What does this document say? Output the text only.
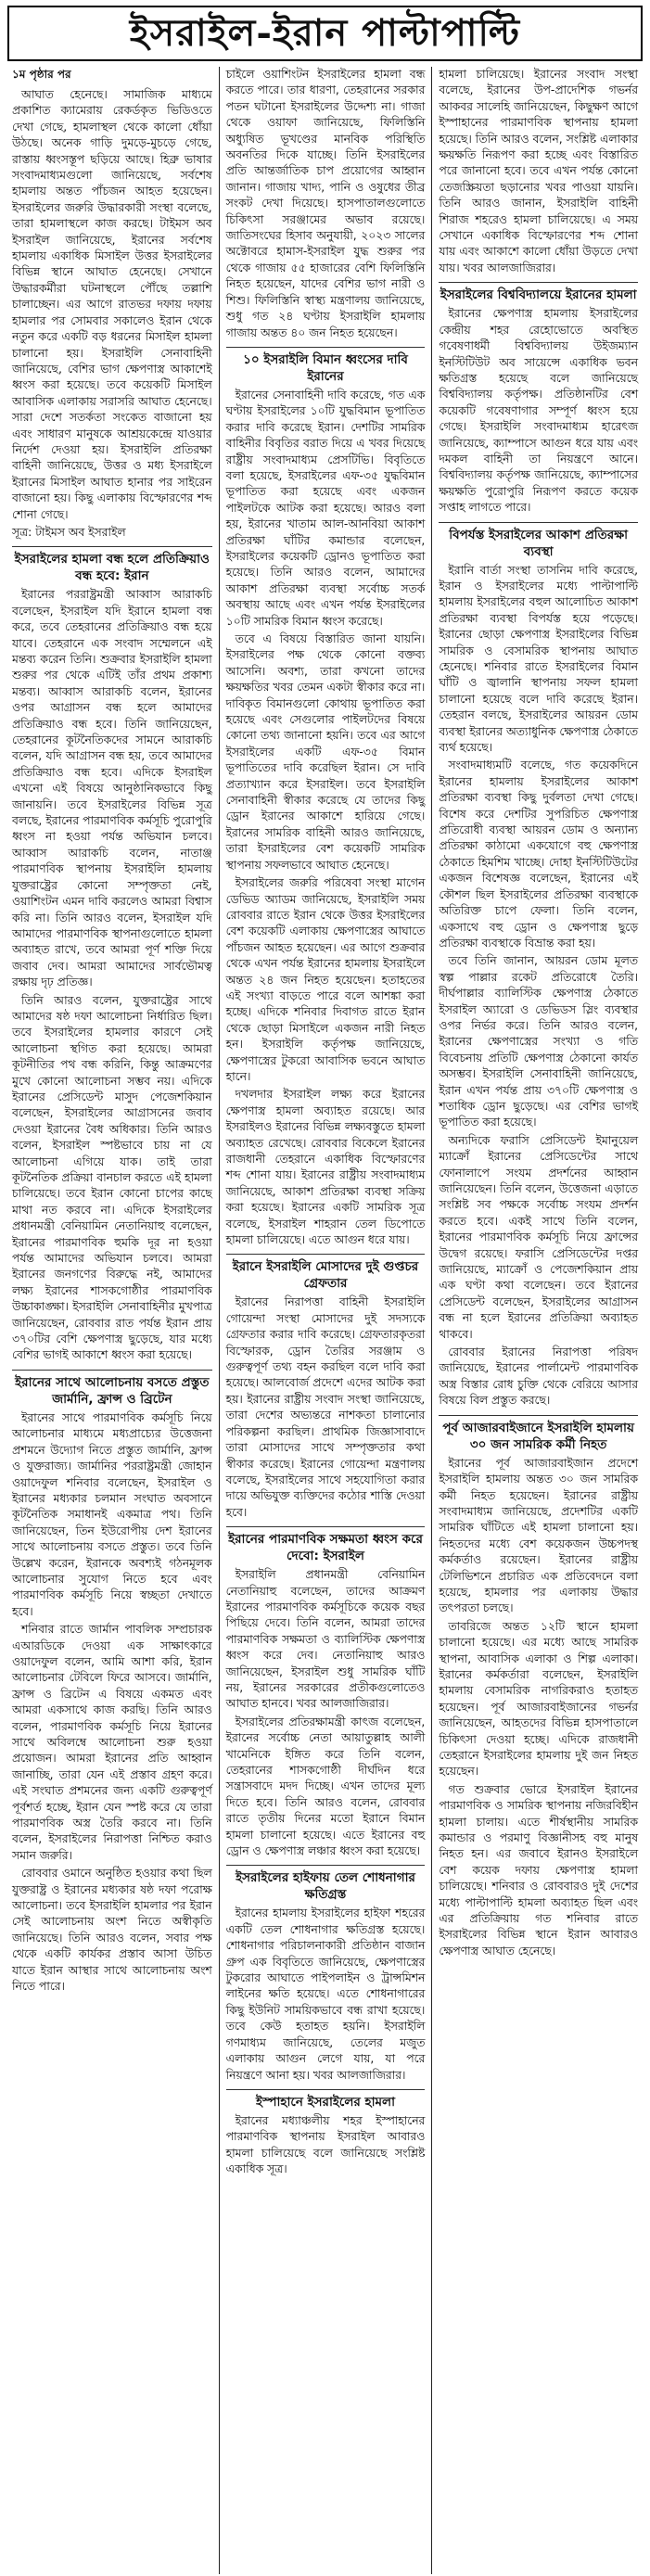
ইসরাইল-ইরান পাল্টাপাল্টি
১ম পৃষ্ঠার পর

আঘাত হেনেছে। সামাজিক মাধ্যমে প্রকাশিত ক্যামেরায় রেকর্ডকৃত ভিডিওতে দেখা গেছে, হামলাস্থল থেকে কালো ধোঁয়া উঠছে। অনেক গাড়ি দুমড়ে-মুচড়ে গেছে, রাস্তায় ধ্বংসস্তূপ ছড়িয়ে আছে। হিব্রু ভাষার সংবাদমাধ্যমগুলো জানিয়েছে, সর্বশেষ হামলায় অন্তত পাঁচজন আহত হয়েছেন। ইসরাইলের জরুরি উদ্ধারকারী সংস্থা বলেছে, তারা হামলাস্থলে কাজ করছে। টাইমস অব ইসরাইল জানিয়েছে, ইরানের সর্বশেষ হামলায় একাধিক মিসাইল উত্তর ইসরাইলের বিভিন্ন স্থানে আঘাত হেনেছে। সেখানে উদ্ধারকর্মীরা ঘটনাস্থলে পৌঁছে তল্লাশি চালাচ্ছেন। এর আগে রাতভর দফায় দফায় হামলার পর সোমবার সকালেও ইরান থেকে নতুন করে একটি বড় ধরনের মিসাইল হামলা চালানো হয়। ইসরাইলি সেনাবাহিনী জানিয়েছে, বেশির ভাগ ক্ষেপণাস্ত্র আকাশেই ধ্বংস করা হয়েছে। তবে কয়েকটি মিসাইল আবাসিক এলাকায় সরাসরি আঘাত হেনেছে। সারা দেশে সতর্কতা সংকেত বাজানো হয় এবং সাধারণ মানুষকে আশ্রয়কেন্দ্রে যাওয়ার নির্দেশ দেওয়া হয়। ইসরাইলি প্রতিরক্ষা বাহিনী জানিয়েছে, উত্তর ও মধ্য ইসরাইলে ইরানের মিসাইল আঘাত হানার পর সাইরেন বাজানো হয়। কিছু এলাকায় বিস্ফোরণের শব্দ শোনা গেছে।

সূত্র: টাইমস অব ইসরাইল
ইসরাইলের হামলা বন্ধ হলে প্রতিক্রিয়াও বন্ধ হবে: ইরান

ইরানের পররাষ্ট্রমন্ত্রী আব্বাস আরাকচি বলেছেন, ইসরাইল যদি ইরানে হামলা বন্ধ করে, তবে তেহরানের প্রতিক্রিয়াও বন্ধ হয়ে যাবে। তেহরানে এক সংবাদ সম্মেলনে এই মন্তব্য করেন তিনি। শুক্রবার ইসরাইলি হামলা শুরুর পর থেকে এটিই তাঁর প্রথম প্রকাশ্য মন্তব্য। আব্বাস আরাকচি বলেন, ইরানের ওপর আগ্রাসন বন্ধ হলে আমাদের প্রতিক্রিয়াও বন্ধ হবে। তিনি জানিয়েছেন, তেহরানের কূটনৈতিকদের সামনে আরাকচি বলেন, যদি আগ্রাসন বন্ধ হয়, তবে আমাদের প্রতিক্রিয়াও বন্ধ হবে। এদিকে ইসরাইল এখনো এই বিষয়ে আনুষ্ঠানিকভাবে কিছু জানায়নি। তবে ইসরাইলের বিভিন্ন সূত্র বলছে, ইরানের পারমাণবিক কর্মসূচি পুরোপুরি ধ্বংস না হওয়া পর্যন্ত অভিযান চলবে। আব্বাস আরাকচি বলেন, নাতাঞ্জ পারমাণবিক স্থাপনায় ইসরাইলি হামলায় যুক্তরাষ্ট্রের কোনো সম্পৃক্ততা নেই, ওয়াশিংটন এমন দাবি করলেও আমরা বিশ্বাস করি না। তিনি আরও বলেন, ইসরাইল যদি আমাদের পারমাণবিক স্থাপনাগুলোতে হামলা অব্যাহত রাখে, তবে আমরা পূর্ণ শক্তি দিয়ে জবাব দেব। আমরা আমাদের সার্বভৌমত্ব রক্ষায় দৃঢ় প্রতিজ্ঞ।

তিনি আরও বলেন, যুক্তরাষ্ট্রের সাথে আমাদের ষষ্ঠ দফা আলোচনা নির্ধারিত ছিল। তবে ইসরাইলের হামলার কারণে সেই আলোচনা স্থগিত করা হয়েছে। আমরা কূটনীতির পথ বন্ধ করিনি, কিন্তু আক্রমণের মুখে কোনো আলোচনা সম্ভব নয়। এদিকে ইরানের প্রেসিডেন্ট মাসুদ পেজেশকিয়ান বলেছেন, ইসরাইলের আগ্রাসনের জবাব দেওয়া ইরানের বৈধ অধিকার। তিনি আরও বলেন, ইসরাইল স্পষ্টভাবে চায় না যে আলোচনা এগিয়ে যাক। তাই তারা কূটনৈতিক প্রক্রিয়া বানচাল করতে এই হামলা চালিয়েছে। তবে ইরান কোনো চাপের কাছে মাথা নত করবে না। এদিকে ইসরাইলের প্রধানমন্ত্রী বেনিয়ামিন নেতানিয়াহু বলেছেন, ইরানের পারমাণবিক হুমকি দূর না হওয়া পর্যন্ত আমাদের অভিযান চলবে। আমরা ইরানের জনগণের বিরুদ্ধে নই, আমাদের লক্ষ্য ইরানের শাসকগোষ্ঠীর পারমাণবিক উচ্চাকাঙ্ক্ষা। ইসরাইলি সেনাবাহিনীর মুখপাত্র জানিয়েছেন, রোববার রাত পর্যন্ত ইরান প্রায় ৩৭০টির বেশি ক্ষেপণাস্ত্র ছুড়েছে, যার মধ্যে বেশির ভাগই আকাশে ধ্বংস করা হয়েছে।

ইরানের সাথে আলোচনায় বসতে প্রস্তুত জার্মানি, ফ্রান্স ও ব্রিটেন

ইরানের সাথে পারমাণবিক কর্মসূচি নিয়ে আলোচনার মাধ্যমে মধ্যপ্রাচ্যের উত্তেজনা প্রশমনে উদ্যোগ নিতে প্রস্তুত জার্মানি, ফ্রান্স ও যুক্তরাজ্য। জার্মানির পররাষ্ট্রমন্ত্রী জোহান ওয়াদেফুল শনিবার বলেছেন, ইসরাইল ও ইরানের মধ্যকার চলমান সংঘাত অবসানে কূটনৈতিক সমাধানই একমাত্র পথ। তিনি জানিয়েছেন, তিন ইউরোপীয় দেশ ইরানের সাথে আলোচনায় বসতে প্রস্তুত। তবে তিনি উল্লেখ করেন, ইরানকে অবশ্যই গঠনমূলক আলোচনার সুযোগ নিতে হবে এবং পারমাণবিক কর্মসূচি নিয়ে স্বচ্ছতা দেখাতে হবে।

শনিবার রাতে জার্মান পাবলিক সম্প্রচারক এআরডিকে দেওয়া এক সাক্ষাৎকারে ওয়াদেফুল বলেন, আমি আশা করি, ইরান আলোচনার টেবিলে ফিরে আসবে। জার্মানি, ফ্রান্স ও ব্রিটেন এ বিষয়ে একমত এবং আমরা একসাথে কাজ করছি। তিনি আরও বলেন, পারমাণবিক কর্মসূচি নিয়ে ইরানের সাথে অবিলম্বে আলোচনা শুরু হওয়া প্রয়োজন। আমরা ইরানের প্রতি আহ্বান জানাচ্ছি, তারা যেন এই প্রস্তাব গ্রহণ করে। এই সংঘাত প্রশমনের জন্য একটি গুরুত্বপূর্ণ পূর্বশর্ত হচ্ছে, ইরান যেন স্পষ্ট করে যে তারা পারমাণবিক অস্ত্র তৈরি করবে না। তিনি বলেন, ইসরাইলের নিরাপত্তা নিশ্চিত করাও সমান জরুরি।

রোববার ওমানে অনুষ্ঠিত হওয়ার কথা ছিল যুক্তরাষ্ট্র ও ইরানের মধ্যকার ষষ্ঠ দফা পরোক্ষ আলোচনা। তবে ইসরাইলি হামলার পর ইরান সেই আলোচনায় অংশ নিতে অস্বীকৃতি জানিয়েছে। তিনি আরও বলেন, সবার পক্ষ থেকে একটি কার্যকর প্রস্তাব আসা উচিত যাতে ইরান আস্থার সাথে আলোচনায় অংশ নিতে পারে।

চাইলে ওয়াশিংটন ইসরাইলের হামলা বন্ধ করতে পারে। তার ধারণা, তেহরানের সরকার পতন ঘটানো ইসরাইলের উদ্দেশ্য না। গাজা থেকে ওয়াফা জানিয়েছে, ফিলিস্তিনি অধ্যুষিত ভূখণ্ডের মানবিক পরিস্থিতি অবনতির দিকে যাচ্ছে। তিনি ইসরাইলের প্রতি আন্তর্জাতিক চাপ প্রয়োগের আহ্বান জানান। গাজায় খাদ্য, পানি ও ওষুধের তীব্র সংকট দেখা দিয়েছে। হাসপাতালগুলোতে চিকিৎসা সরঞ্জামের অভাব রয়েছে। জাতিসংঘের হিসাব অনুযায়ী, ২০২৩ সালের অক্টোবরে হামাস-ইসরাইল যুদ্ধ শুরুর পর থেকে গাজায় ৫৫ হাজারের বেশি ফিলিস্তিনি নিহত হয়েছেন, যাদের বেশির ভাগ নারী ও শিশু। ফিলিস্তিনি স্বাস্থ্য মন্ত্রণালয় জানিয়েছে, শুধু গত ২৪ ঘণ্টায় ইসরাইলি হামলায় গাজায় অন্তত ৪০ জন নিহত হয়েছেন।

১০ ইসরাইলি বিমান ধ্বংসের দাবি ইরানের

ইরানের সেনাবাহিনী দাবি করেছে, গত এক ঘণ্টায় ইসরাইলের ১০টি যুদ্ধবিমান ভূপাতিত করার দাবি করেছে ইরান। দেশটির সামরিক বাহিনীর বিবৃতির বরাত দিয়ে এ খবর দিয়েছে রাষ্ট্রীয় সংবাদমাধ্যম প্রেসটিভি। বিবৃতিতে বলা হয়েছে, ইসরাইলের এফ-৩৫ যুদ্ধবিমান ভূপাতিত করা হয়েছে এবং একজন পাইলটকে আটক করা হয়েছে। আরও বলা হয়, ইরানের খাতাম আল-আনবিয়া আকাশ প্রতিরক্ষা ঘাঁটির কমান্ডার বলেছেন, ইসরাইলের কয়েকটি ড্রোনও ভূপাতিত করা হয়েছে। তিনি আরও বলেন, আমাদের আকাশ প্রতিরক্ষা ব্যবস্থা সর্বোচ্চ সতর্ক অবস্থায় আছে এবং এখন পর্যন্ত ইসরাইলের ১০টি সামরিক বিমান ধ্বংস করেছে।

তবে এ বিষয়ে বিস্তারিত জানা যায়নি। ইসরাইলের পক্ষ থেকে কোনো বক্তব্য আসেনি। অবশ্য, তারা কখনো তাদের ক্ষয়ক্ষতির খবর তেমন একটা স্বীকার করে না। দাবিকৃত বিমানগুলো কোথায় ভূপাতিত করা হয়েছে এবং সেগুলোর পাইলটদের বিষয়ে কোনো তথ্য জানানো হয়নি। তবে এর আগে ইসরাইলের একটি এফ-৩৫ বিমান ভূপাতিতের দাবি করেছিল ইরান। সে দাবি প্রত্যাখ্যান করে ইসরাইল। তবে ইসরাইলি সেনাবাহিনী স্বীকার করেছে যে তাদের কিছু ড্রোন ইরানের আকাশে হারিয়ে গেছে। ইরানের সামরিক বাহিনী আরও জানিয়েছে, তারা ইসরাইলের বেশ কয়েকটি সামরিক স্থাপনায় সফলভাবে আঘাত হেনেছে।

ইসরাইলের জরুরি পরিষেবা সংস্থা মাগেন ডেভিড অ্যাডম জানিয়েছে, ইসরাইলি সময় রোববার রাতে ইরান থেকে উত্তর ইসরাইলের বেশ কয়েকটি এলাকায় ক্ষেপণাস্ত্রের আঘাতে পাঁচজন আহত হয়েছেন। এর আগে শুক্রবার থেকে এখন পর্যন্ত ইরানের হামলায় ইসরাইলে অন্তত ২৪ জন নিহত হয়েছেন। হতাহতের এই সংখ্যা বাড়তে পারে বলে আশঙ্কা করা হচ্ছে। এদিকে শনিবার দিবাগত রাতে ইরান থেকে ছোড়া মিসাইলে একজন নারী নিহত হন। ইসরাইলি কর্তৃপক্ষ জানিয়েছে, ক্ষেপণাস্ত্রের টুকরো আবাসিক ভবনে আঘাত হানে।

দখলদার ইসরাইল লক্ষ্য করে ইরানের ক্ষেপণাস্ত্র হামলা অব্যাহত রয়েছে। আর ইসরাইলও ইরানের বিভিন্ন লক্ষ্যবস্তুতে হামলা অব্যাহত রেখেছে। রোববার বিকেলে ইরানের রাজধানী তেহরানে একাধিক বিস্ফোরণের শব্দ শোনা যায়। ইরানের রাষ্ট্রীয় সংবাদমাধ্যম জানিয়েছে, আকাশ প্রতিরক্ষা ব্যবস্থা সক্রিয় করা হয়েছে। ইরানের একটি সামরিক সূত্র বলেছে, ইসরাইল শাহরান তেল ডিপোতে হামলা চালিয়েছে। এতে আগুন ধরে যায়।

ইরানে ইসরাইলি মোসাদের দুই গুপ্তচর গ্রেফতার

ইরানের নিরাপত্তা বাহিনী ইসরাইলি গোয়েন্দা সংস্থা মোসাদের দুই সদস্যকে গ্রেফতার করার দাবি করেছে। গ্রেফতারকৃতরা বিস্ফোরক, ড্রোন তৈরির সরঞ্জাম ও গুরুত্বপূর্ণ তথ্য বহন করছিল বলে দাবি করা হয়েছে। আলবোর্জ প্রদেশে এদের আটক করা হয়। ইরানের রাষ্ট্রীয় সংবাদ সংস্থা জানিয়েছে, তারা দেশের অভ্যন্তরে নাশকতা চালানোর পরিকল্পনা করছিল। প্রাথমিক জিজ্ঞাসাবাদে তারা মোসাদের সাথে সম্পৃক্ততার কথা স্বীকার করেছে। ইরানের গোয়েন্দা মন্ত্রণালয় বলেছে, ইসরাইলের সাথে সহযোগিতা করার দায়ে অভিযুক্ত ব্যক্তিদের কঠোর শাস্তি দেওয়া হবে।

ইরানের পারমাণবিক সক্ষমতা ধ্বংস করে দেবো: ইসরাইল

ইসরাইলি প্রধানমন্ত্রী বেনিয়ামিন নেতানিয়াহু বলেছেন, তাদের আক্রমণ ইরানের পারমাণবিক কর্মসূচিকে কয়েক বছর পিছিয়ে দেবে। তিনি বলেন, আমরা তাদের পারমাণবিক সক্ষমতা ও ব্যালিস্টিক ক্ষেপণাস্ত্র ধ্বংস করে দেব। নেতানিয়াহু আরও জানিয়েছেন, ইসরাইল শুধু সামরিক ঘাঁটি নয়, ইরানের সরকারের প্রতীকগুলোতেও আঘাত হানবে। খবর আলজাজিরার।

ইসরাইলের প্রতিরক্ষামন্ত্রী কাৎজ বলেছেন, ইরানের সর্বোচ্চ নেতা আয়াতুল্লাহ আলী খামেনিকে ইঙ্গিত করে তিনি বলেন, তেহরানের শাসকগোষ্ঠী দীর্ঘদিন ধরে সন্ত্রাসবাদে মদদ দিচ্ছে। এখন তাদের মূল্য দিতে হবে। তিনি আরও বলেন, রোববার রাতে তৃতীয় দিনের মতো ইরানে বিমান হামলা চালানো হয়েছে। এতে ইরানের বহু ড্রোন ও ক্ষেপণাস্ত্র লঞ্চার ধ্বংস করা হয়েছে।

ইসরাইলের হাইফায় তেল শোধনাগার ক্ষতিগ্রস্ত

ইরানের হামলায় ইসরাইলের হাইফা শহরের একটি তেল শোধনাগার ক্ষতিগ্রস্ত হয়েছে। শোধনাগার পরিচালনাকারী প্রতিষ্ঠান বাজান গ্রুপ এক বিবৃতিতে জানিয়েছে, ক্ষেপণাস্ত্রের টুকরোর আঘাতে পাইপলাইন ও ট্রান্সমিশন লাইনের ক্ষতি হয়েছে। এতে শোধনাগারের কিছু ইউনিট সাময়িকভাবে বন্ধ রাখা হয়েছে। তবে কেউ হতাহত হয়নি। ইসরাইলি গণমাধ্যম জানিয়েছে, তেলের মজুত এলাকায় আগুন লেগে যায়, যা পরে নিয়ন্ত্রণে আনা হয়। খবর আলজাজিরার।

ইস্পাহানে ইসরাইলের হামলা

ইরানের মধ্যাঞ্চলীয় শহর ইস্পাহানের পারমাণবিক স্থাপনায় ইসরাইল আবারও হামলা চালিয়েছে বলে জানিয়েছে সংশ্লিষ্ট একাধিক সূত্র।

হামলা চালিয়েছে। ইরানের সংবাদ সংস্থা বলেছে, ইরানের উপ-প্রাদেশিক গভর্নর আকবর সালেহি জানিয়েছেন, কিছুক্ষণ আগে ইস্পাহানের পারমাণবিক স্থাপনায় হামলা হয়েছে। তিনি আরও বলেন, সংশ্লিষ্ট এলাকার ক্ষয়ক্ষতি নিরূপণ করা হচ্ছে এবং বিস্তারিত পরে জানানো হবে। তবে এখন পর্যন্ত কোনো তেজস্ক্রিয়তা ছড়ানোর খবর পাওয়া যায়নি। তিনি আরও জানান, ইসরাইলি বাহিনী শিরাজ শহরেও হামলা চালিয়েছে। এ সময় সেখানে একাধিক বিস্ফোরণের শব্দ শোনা যায় এবং আকাশে কালো ধোঁয়া উড়তে দেখা যায়। খবর আলজাজিরার।

ইসরাইলের বিশ্ববিদ্যালয়ে ইরানের হামলা

ইরানের ক্ষেপণাস্ত্র হামলায় ইসরাইলের কেন্দ্রীয় শহর রেহোভোতে অবস্থিত গবেষণাধর্মী বিশ্ববিদ্যালয় উইজম্যান ইনস্টিটিউট অব সায়েন্সে একাধিক ভবন ক্ষতিগ্রস্ত হয়েছে বলে জানিয়েছে বিশ্ববিদ্যালয় কর্তৃপক্ষ। প্রতিষ্ঠানটির বেশ কয়েকটি গবেষণাগার সম্পূর্ণ ধ্বংস হয়ে গেছে। ইসরাইলি সংবাদমাধ্যম হারেৎজ জানিয়েছে, ক্যাম্পাসে আগুন ধরে যায় এবং দমকল বাহিনী তা নিয়ন্ত্রণে আনে। বিশ্ববিদ্যালয় কর্তৃপক্ষ জানিয়েছে, ক্যাম্পাসের ক্ষয়ক্ষতি পুরোপুরি নিরূপণ করতে কয়েক সপ্তাহ লাগতে পারে।

বিপর্যস্ত ইসরাইলের আকাশ প্রতিরক্ষা ব্যবস্থা

ইরানি বার্তা সংস্থা তাসনিম দাবি করেছে, ইরান ও ইসরাইলের মধ্যে পাল্টাপাল্টি হামলায় ইসরাইলের বহুল আলোচিত আকাশ প্রতিরক্ষা ব্যবস্থা বিপর্যস্ত হয়ে পড়েছে। ইরানের ছোড়া ক্ষেপণাস্ত্র ইসরাইলের বিভিন্ন সামরিক ও বেসামরিক স্থাপনায় আঘাত হেনেছে। শনিবার রাতে ইসরাইলের বিমান ঘাঁটি ও জ্বালানি স্থাপনায় সফল হামলা চালানো হয়েছে বলে দাবি করেছে ইরান। তেহরান বলছে, ইসরাইলের আয়রন ডোম ব্যবস্থা ইরানের অত্যাধুনিক ক্ষেপণাস্ত্র ঠেকাতে ব্যর্থ হয়েছে।

সংবাদমাধ্যমটি বলেছে, গত কয়েকদিনে ইরানের হামলায় ইসরাইলের আকাশ প্রতিরক্ষা ব্যবস্থা কিছু দুর্বলতা দেখা গেছে। বিশেষ করে দেশটির সুপরিচিত ক্ষেপণাস্ত্র প্রতিরোধী ব্যবস্থা আয়রন ডোম ও অন্যান্য প্রতিরক্ষা কাঠামো একযোগে বহু ক্ষেপণাস্ত্র ঠেকাতে হিমশিম খাচ্ছে। দোহা ইনস্টিটিউটের একজন বিশেষজ্ঞ বলেছেন, ইরানের এই কৌশল ছিল ইসরাইলের প্রতিরক্ষা ব্যবস্থাকে অতিরিক্ত চাপে ফেলা। তিনি বলেন, একসাথে বহু ড্রোন ও ক্ষেপণাস্ত্র ছুড়ে প্রতিরক্ষা ব্যবস্থাকে বিভ্রান্ত করা হয়।

তবে তিনি জানান, আয়রন ডোম মূলত স্বল্প পাল্লার রকেট প্রতিরোধে তৈরি। দীর্ঘপাল্লার ব্যালিস্টিক ক্ষেপণাস্ত্র ঠেকাতে ইসরাইল অ্যারো ও ডেভিডস স্লিং ব্যবস্থার ওপর নির্ভর করে। তিনি আরও বলেন, ইরানের ক্ষেপণাস্ত্রের সংখ্যা ও গতি বিবেচনায় প্রতিটি ক্ষেপণাস্ত্র ঠেকানো কার্যত অসম্ভব। ইসরাইলি সেনাবাহিনী জানিয়েছে, ইরান এখন পর্যন্ত প্রায় ৩৭০টি ক্ষেপণাস্ত্র ও শতাধিক ড্রোন ছুড়েছে। এর বেশির ভাগই ভূপাতিত করা হয়েছে।

অন্যদিকে ফরাসি প্রেসিডেন্ট ইমানুয়েল ম্যাক্রোঁ ইরানের প্রেসিডেন্টের সাথে ফোনালাপে সংযম প্রদর্শনের আহ্বান জানিয়েছেন। তিনি বলেন, উত্তেজনা এড়াতে সংশ্লিষ্ট সব পক্ষকে সর্বোচ্চ সংযম প্রদর্শন করতে হবে। একই সাথে তিনি বলেন, ইরানের পারমাণবিক কর্মসূচি নিয়ে ফ্রান্সের উদ্বেগ রয়েছে। ফরাসি প্রেসিডেন্টের দপ্তর জানিয়েছে, ম্যাক্রোঁ ও পেজেশকিয়ান প্রায় এক ঘণ্টা কথা বলেছেন। তবে ইরানের প্রেসিডেন্ট বলেছেন, ইসরাইলের আগ্রাসন বন্ধ না হলে ইরানের প্রতিক্রিয়া অব্যাহত থাকবে।

রোববার ইরানের নিরাপত্তা পরিষদ জানিয়েছে, ইরানের পার্লামেন্ট পারমাণবিক অস্ত্র বিস্তার রোধ চুক্তি থেকে বেরিয়ে আসার বিষয়ে বিল প্রস্তুত করছে।

পূর্ব আজারবাইজানে ইসরাইলি হামলায় ৩০ জন সামরিক কর্মী নিহত

ইরানের পূর্ব আজারবাইজান প্রদেশে ইসরাইলি হামলায় অন্তত ৩০ জন সামরিক কর্মী নিহত হয়েছেন। ইরানের রাষ্ট্রীয় সংবাদমাধ্যম জানিয়েছে, প্রদেশটির একটি সামরিক ঘাঁটিতে এই হামলা চালানো হয়। নিহতদের মধ্যে বেশ কয়েকজন উচ্চপদস্থ কর্মকর্তাও রয়েছেন। ইরানের রাষ্ট্রীয় টেলিভিশনে প্রচারিত এক প্রতিবেদনে বলা হয়েছে, হামলার পর এলাকায় উদ্ধার তৎপরতা চলছে।

তাবরিজে অন্তত ১২টি স্থানে হামলা চালানো হয়েছে। এর মধ্যে আছে সামরিক স্থাপনা, আবাসিক এলাকা ও শিল্প এলাকা। ইরানের কর্মকর্তারা বলেছেন, ইসরাইলি হামলায় বেসামরিক নাগরিকরাও হতাহত হয়েছেন। পূর্ব আজারবাইজানের গভর্নর জানিয়েছেন, আহতদের বিভিন্ন হাসপাতালে চিকিৎসা দেওয়া হচ্ছে। এদিকে রাজধানী তেহরানে ইসরাইলের হামলায় দুই জন নিহত হয়েছেন।

গত শুক্রবার ভোরে ইসরাইল ইরানের পারমাণবিক ও সামরিক স্থাপনায় নজিরবিহীন হামলা চালায়। এতে শীর্ষস্থানীয় সামরিক কমান্ডার ও পরমাণু বিজ্ঞানীসহ বহু মানুষ নিহত হন। এর জবাবে ইরানও ইসরাইলে বেশ কয়েক দফায় ক্ষেপণাস্ত্র হামলা চালিয়েছে। শনিবার ও রোববারও দুই দেশের মধ্যে পাল্টাপাল্টি হামলা অব্যাহত ছিল এবং এর প্রতিক্রিয়ায় গত শনিবার রাতে ইসরাইলের বিভিন্ন স্থানে ইরান আবারও ক্ষেপণাস্ত্র আঘাত হেনেছে।
